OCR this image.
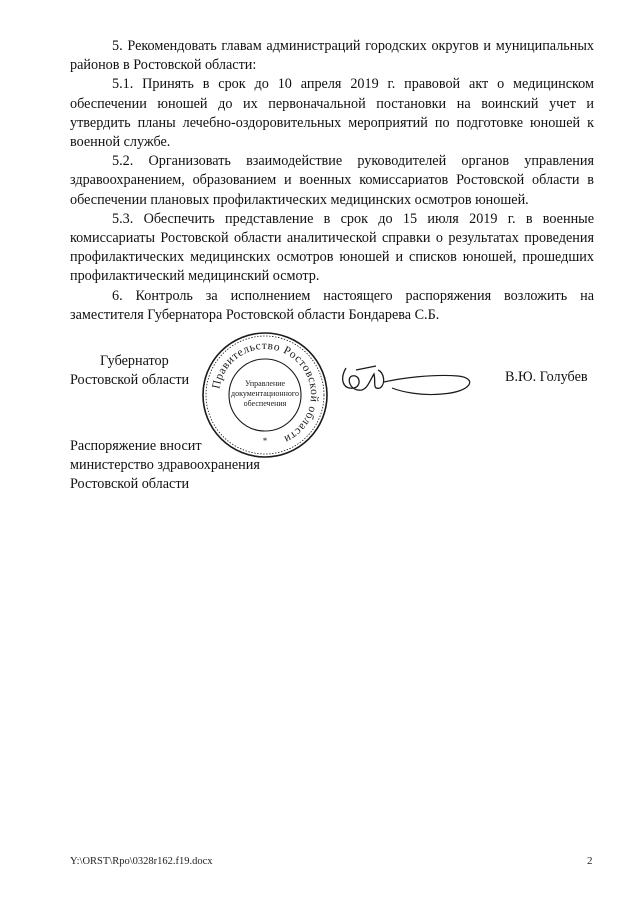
5. Рекомендовать главам администраций городских округов и муниципальных районов в Ростовской области:

5.1. Принять в срок до 10 апреля 2019 г. правовой акт о медицинском обеспечении юношей до их первоначальной постановки на воинский учет и утвердить планы лечебно-оздоровительных мероприятий по подготовке юношей к военной службе.

5.2. Организовать взаимодействие руководителей органов управления здравоохранением, образованием и военных комиссариатов Ростовской области в обеспечении плановых профилактических медицинских осмотров юношей.

5.3. Обеспечить представление в срок до 15 июля 2019 г. в военные комиссариаты Ростовской области аналитической справки о результатах проведения профилактических медицинских осмотров юношей и списков юношей, прошедших профилактический медицинский осмотр.

6. Контроль за исполнением настоящего распоряжения возложить на заместителя Губернатора Ростовской области Бондарева С.Б.

Губернатор
Ростовской области Правительство Ростовской области
Управление
документационного
обеспечения
*
В.Ю. Голубев
Распоряжение вносит
министерство здравоохранения
Ростовской области
Y:\ORST\Rpo\0328r162.f19.docx	2
